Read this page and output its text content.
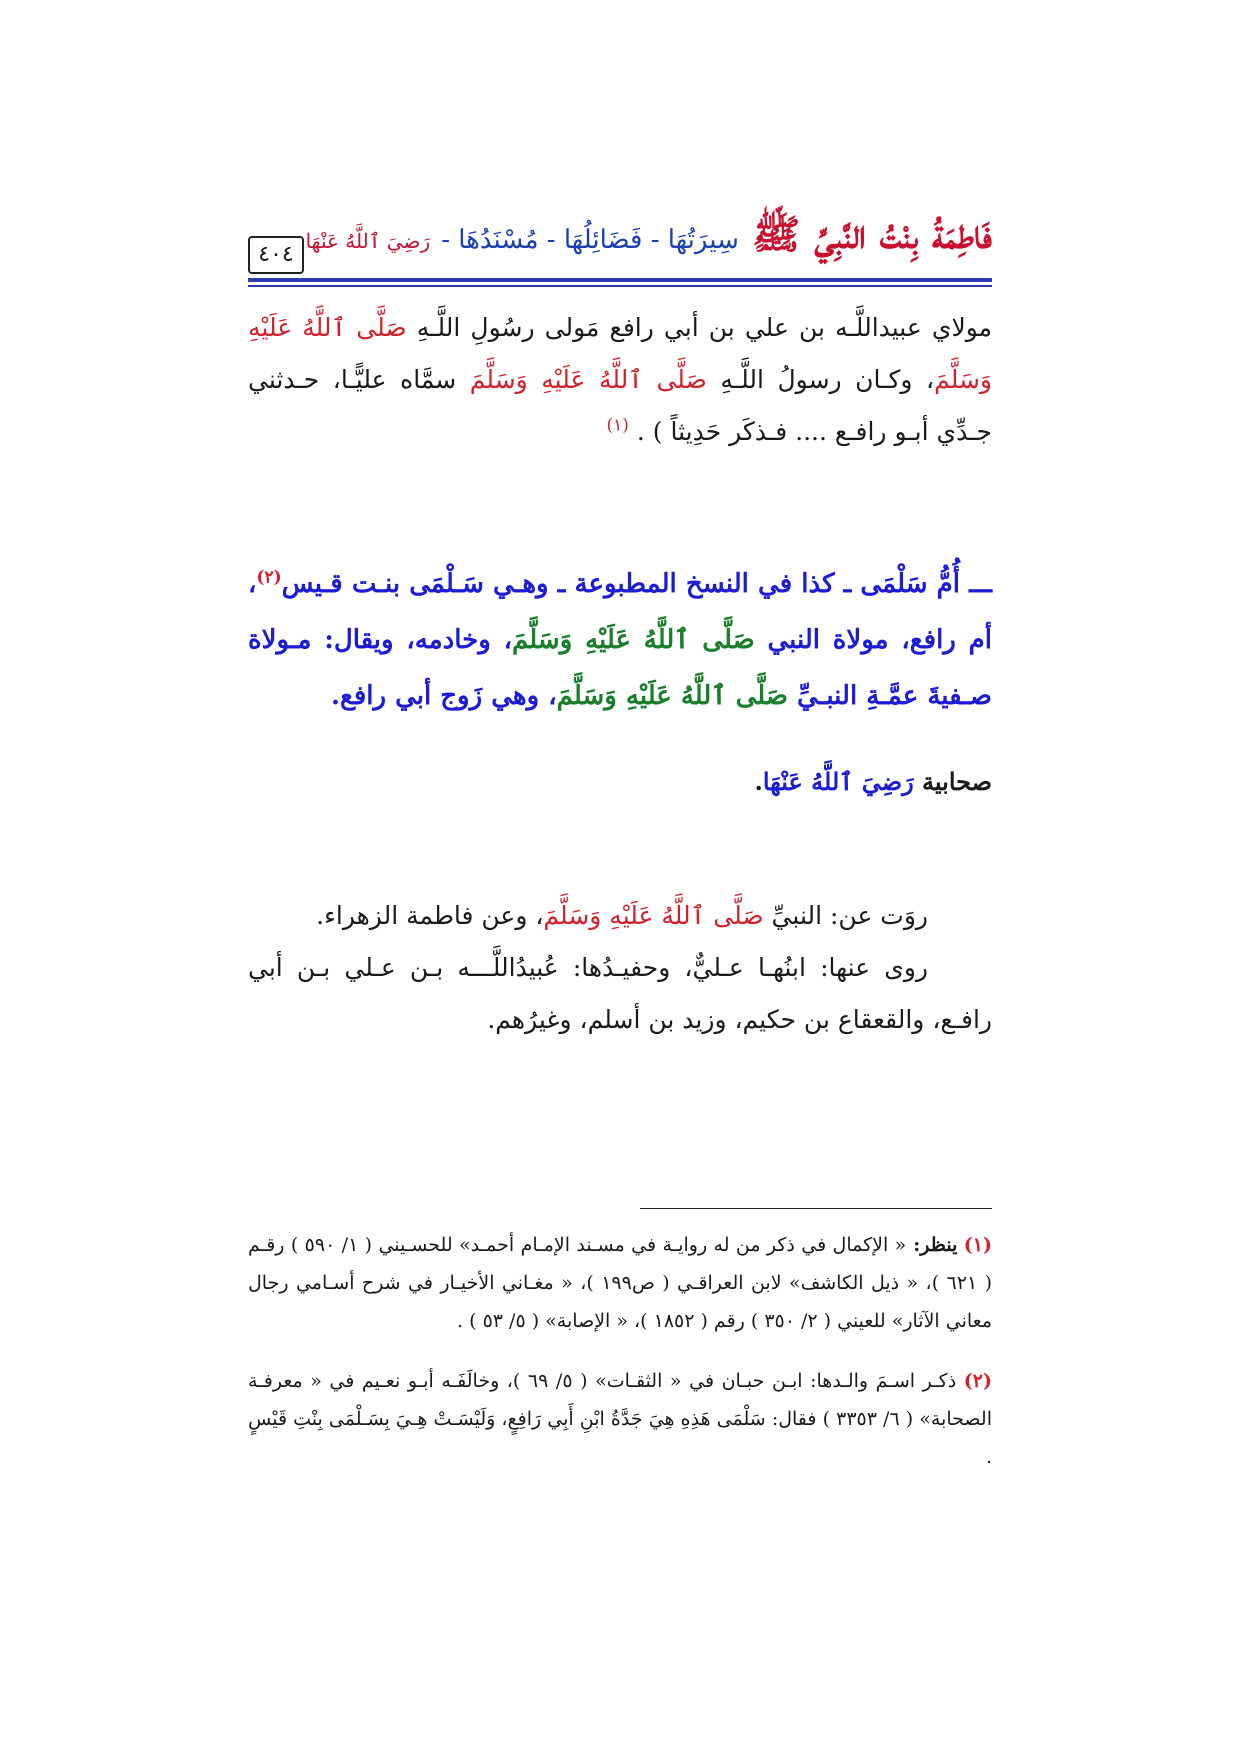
٤٠٤	فَاطِمَةُ بِنْتُ النَّبِيِّ ﷺ سِيرَتُهَا - فَضَائِلُهَا - مُسْنَدُهَا - رَضِيَ ٱللَّهُ عَنْهَا
مولاي عبيداللَّـه بن علي بن أبي رافع مَولى رسُولِ اللَّـهِ صَلَّى ٱللَّهُ عَلَيْهِ وَسَلَّمَ، وكـان رسولُ اللَّـهِ صَلَّى ٱللَّهُ عَلَيْهِ وَسَلَّمَ سمَّاه عليًّـا، حـدثني جـدِّي أبـو رافـع .... فـذكَر حَدِيثاً ) . $^{(١)}$
ـــ أُمُّ سَلْمَى ـ كذا في النسخ المطبوعة ـ وهـي سَـلْمَى بنـت قـيس$^{(٢)}$، أم رافع، مولاة النبي صَلَّى ٱللَّهُ عَلَيْهِ وَسَلَّمَ، وخادمه، ويقال: مـولاة صـفيةَ عمَّـةِ النبـيِّ صَلَّى ٱللَّهُ عَلَيْهِ وَسَلَّمَ، وهي زَوج أبي رافع.
صحابية رَضِيَ ٱللَّهُ عَنْهَا.
روَت عن: النبيِّ صَلَّى ٱللَّهُ عَلَيْهِ وَسَلَّمَ، وعن فاطمة الزهراء.
روى عنها: ابنُهـا عـليٌّ، وحفيـدُها: عُبيدُاللَّـــه بـن عـلي بـن أبي رافـع، والقعقاع بن حكيم، وزيد بن أسلم، وغيرُهم.
(١) ينظر: « الإكمال في ذكر من له روايـة في مسـند الإمـام أحمـد» للحسـيني ( ١/ ٥٩٠ ) رقـم ( ٦٢١ )، « ذيل الكاشف» لابن العراقـي ( ص١٩٩ )، « مغـاني الأخيـار في شرح أسـامي رجال معاني الآثار» للعيني ( ٢/ ٣٥٠ ) رقم ( ١٨٥٢ )، « الإصابة» ( ٥/ ٥٣ ) .
(٢) ذكـر اسـمَ والـدها: ابـن حبـان في « الثقـات» ( ٥/ ٦٩ )، وخالَفَـه أبـو نعـيم في « معرفـة الصحابة» ( ٦/ ٣٣٥٣ ) فقال: سَلْمَى هَذِهِ هِيَ جَدَّةُ ابْنِ أَبِي رَافِعٍ، وَلَيْسَـتْ هِـيَ بِسَـلْمَى بِنْتِ قَيْسٍ .
